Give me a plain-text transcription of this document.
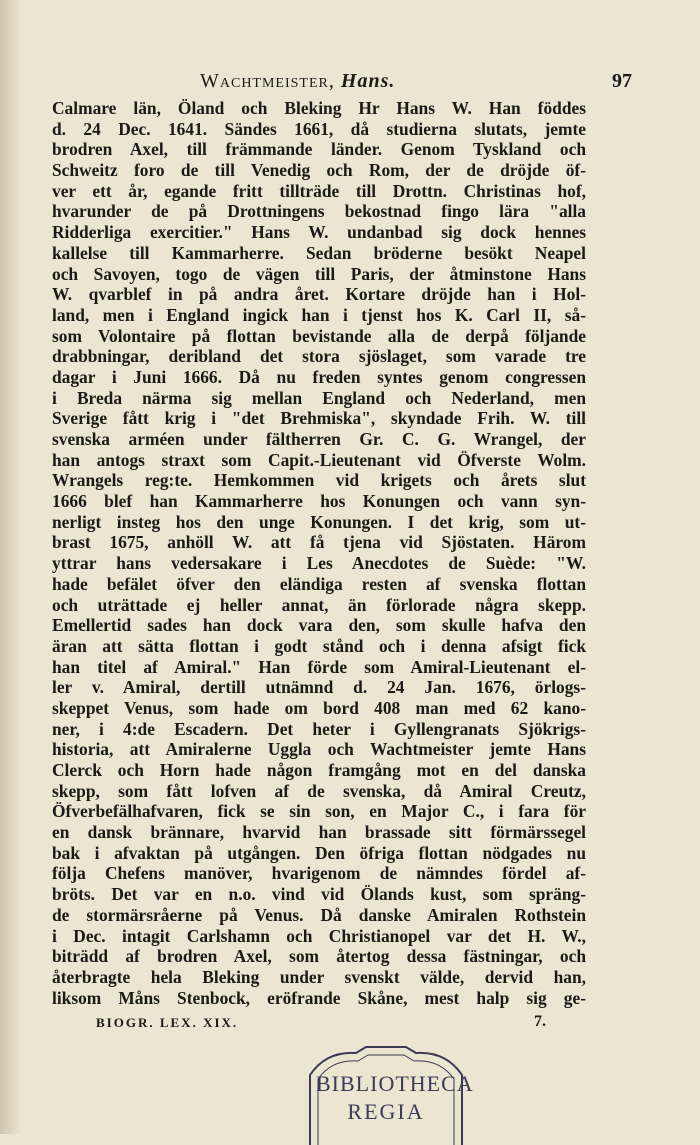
Wachtmeister, Hans.	97
Calmare län, Öland och Bleking Hr Hans W. Han föddes
d. 24 Dec. 1641. Sändes 1661, då studierna slutats, jemte
brodren Axel, till främmande länder. Genom Tyskland och
Schweitz foro de till Venedig och Rom, der de dröjde öf-
ver ett år, egande fritt tillträde till Drottn. Christinas hof,
hvarunder de på Drottningens bekostnad fingo lära "alla
Ridderliga exercitier." Hans W. undanbad sig dock hennes
kallelse till Kammarherre. Sedan bröderne besökt Neapel
och Savoyen, togo de vägen till Paris, der åtminstone Hans
W. qvarblef in på andra året. Kortare dröjde han i Hol-
land, men i England ingick han i tjenst hos K. Carl II, så-
som Volontaire på flottan bevistande alla de derpå följande
drabbningar, deribland det stora sjöslaget, som varade tre
dagar i Juni 1666. Då nu freden syntes genom congressen
i Breda närma sig mellan England och Nederland, men
Sverige fått krig i "det Brehmiska", skyndade Frih. W. till
svenska arméen under fältherren Gr. C. G. Wrangel, der
han antogs straxt som Capit.-Lieutenant vid Öfverste Wolm.
Wrangels reg:te. Hemkommen vid krigets och årets slut
1666 blef han Kammarherre hos Konungen och vann syn-
nerligt insteg hos den unge Konungen. I det krig, som ut-
brast 1675, anhöll W. att få tjena vid Sjöstaten. Härom
yttrar hans vedersakare i Les Anecdotes de Suède: "W.
hade befälet öfver den eländiga resten af svenska flottan
och uträttade ej heller annat, än förlorade några skepp.
Emellertid sades han dock vara den, som skulle hafva den
äran att sätta flottan i godt stånd och i denna afsigt fick
han titel af Amiral." Han förde som Amiral-Lieutenant el-
ler v. Amiral, dertill utnämnd d. 24 Jan. 1676, örlogs-
skeppet Venus, som hade om bord 408 man med 62 kano-
ner, i 4:de Escadern. Det heter i Gyllengranats Sjökrigs-
historia, att Amiralerne Uggla och Wachtmeister jemte Hans
Clerck och Horn hade någon framgång mot en del danska
skepp, som fått lofven af de svenska, då Amiral Creutz,
Öfverbefälhafvaren, fick se sin son, en Major C., i fara för
en dansk brännare, hvarvid han brassade sitt förmärssegel
bak i afvaktan på utgången. Den öfriga flottan nödgades nu
följa Chefens manöver, hvarigenom de nämndes fördel af-
bröts. Det var en n.o. vind vid Ölands kust, som spräng-
de stormärsråerne på Venus. Då danske Amiralen Rothstein
i Dec. intagit Carlshamn och Christianopel var det H. W.,
biträdd af brodren Axel, som återtog dessa fästningar, och
återbragte hela Bleking under svenskt välde, dervid han,
liksom Måns Stenbock, eröfrande Skåne, mest halp sig ge-
BIOGR. LEX. XIX.	7.
BIBLIOTHECA
REGIA
